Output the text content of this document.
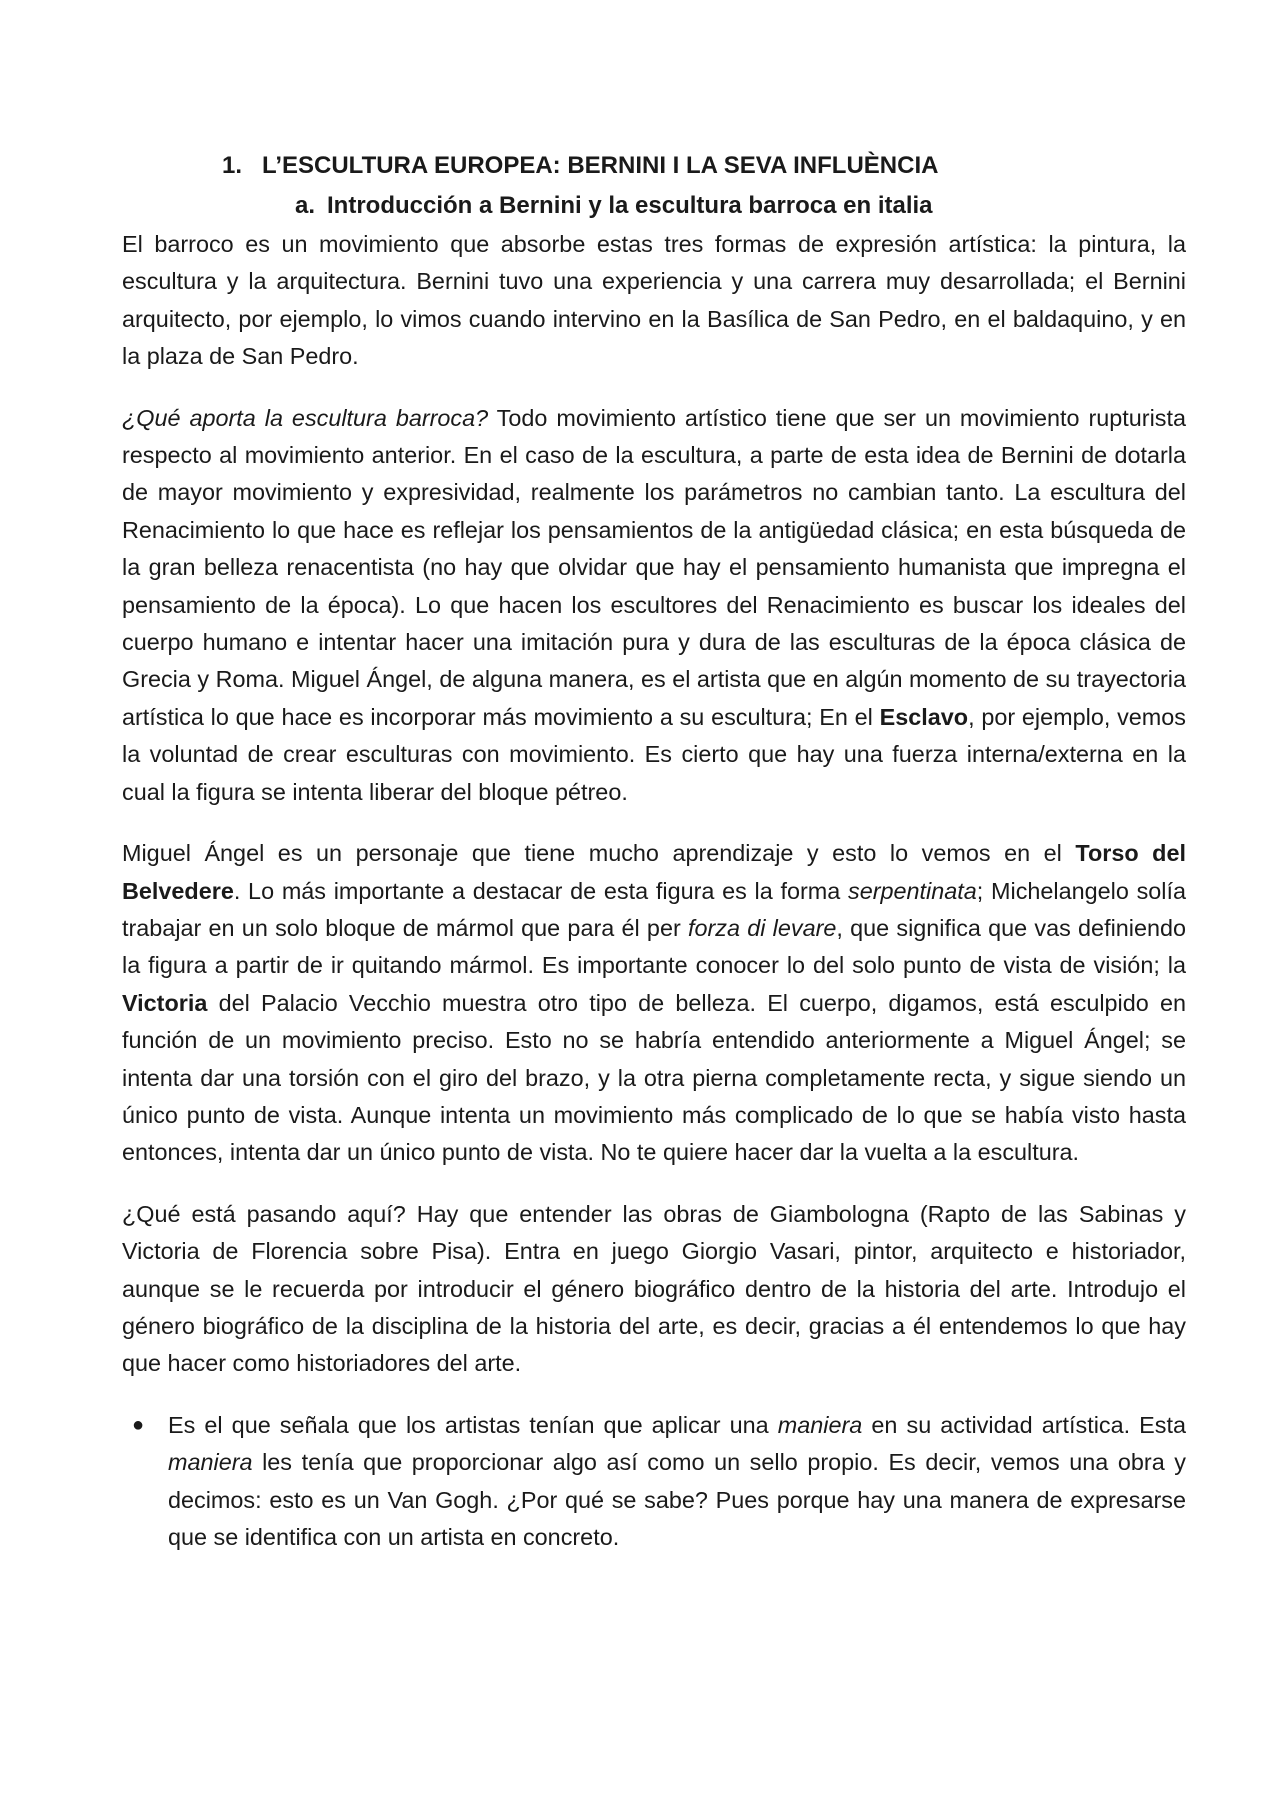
1. L’ESCULTURA EUROPEA: BERNINI I LA SEVA INFLUÈNCIA
a. Introducción a Bernini y la escultura barroca en italia

El barroco es un movimiento que absorbe estas tres formas de expresión artística: la pintura, la escultura y la arquitectura. Bernini tuvo una experiencia y una carrera muy desarrollada; el Bernini arquitecto, por ejemplo, lo vimos cuando intervino en la Basílica de San Pedro, en el baldaquino, y en la plaza de San Pedro.

¿Qué aporta la escultura barroca? Todo movimiento artístico tiene que ser un movimiento rupturista respecto al movimiento anterior. En el caso de la escultura, a parte de esta idea de Bernini de dotarla de mayor movimiento y expresividad, realmente los parámetros no cambian tanto. La escultura del Renacimiento lo que hace es reflejar los pensamientos de la antigüedad clásica; en esta búsqueda de la gran belleza renacentista (no hay que olvidar que hay el pensamiento humanista que impregna el pensamiento de la época). Lo que hacen los escultores del Renacimiento es buscar los ideales del cuerpo humano e intentar hacer una imitación pura y dura de las esculturas de la época clásica de Grecia y Roma. Miguel Ángel, de alguna manera, es el artista que en algún momento de su trayectoria artística lo que hace es incorporar más movimiento a su escultura; En el Esclavo, por ejemplo, vemos la voluntad de crear esculturas con movimiento. Es cierto que hay una fuerza interna/externa en la cual la figura se intenta liberar del bloque pétreo.

Miguel Ángel es un personaje que tiene mucho aprendizaje y esto lo vemos en el Torso del Belvedere. Lo más importante a destacar de esta figura es la forma serpentinata; Michelangelo solía trabajar en un solo bloque de mármol que para él per forza di levare, que significa que vas definiendo la figura a partir de ir quitando mármol. Es importante conocer lo del solo punto de vista de visión; la Victoria del Palacio Vecchio muestra otro tipo de belleza. El cuerpo, digamos, está esculpido en función de un movimiento preciso. Esto no se habría entendido anteriormente a Miguel Ángel; se intenta dar una torsión con el giro del brazo, y la otra pierna completamente recta, y sigue siendo un único punto de vista. Aunque intenta un movimiento más complicado de lo que se había visto hasta entonces, intenta dar un único punto de vista. No te quiere hacer dar la vuelta a la escultura.

¿Qué está pasando aquí? Hay que entender las obras de Giambologna (Rapto de las Sabinas y Victoria de Florencia sobre Pisa). Entra en juego Giorgio Vasari, pintor, arquitecto e historiador, aunque se le recuerda por introducir el género biográfico dentro de la historia del arte. Introdujo el género biográfico de la disciplina de la historia del arte, es decir, gracias a él entendemos lo que hay que hacer como historiadores del arte.

● Es el que señala que los artistas tenían que aplicar una maniera en su actividad artística. Esta maniera les tenía que proporcionar algo así como un sello propio. Es decir, vemos una obra y decimos: esto es un Van Gogh. ¿Por qué se sabe? Pues porque hay una manera de expresarse que se identifica con un artista en concreto.
